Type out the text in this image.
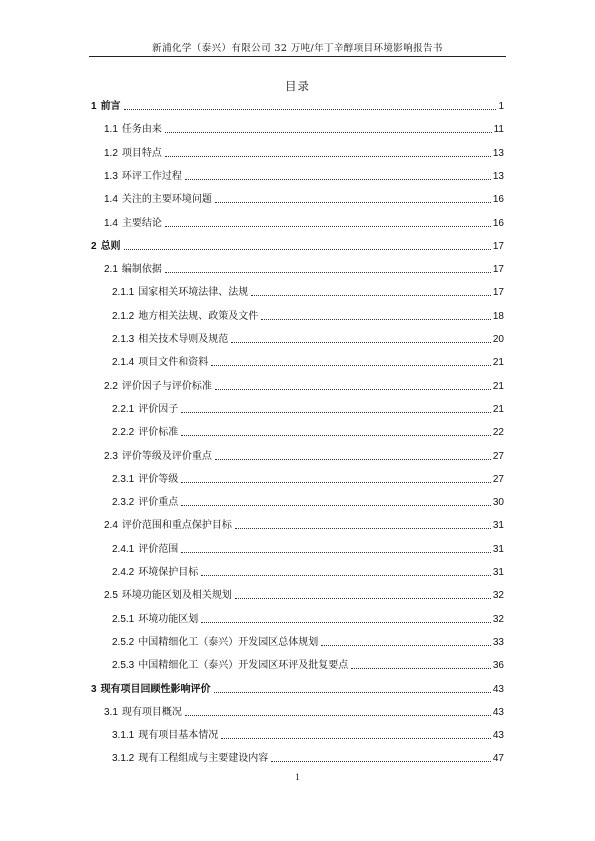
新浦化学（泰兴）有限公司 32 万吨/年丁辛醇项目环境影响报告书
目录
1 前言	1
1.1 任务由来	11
1.2 项目特点	13
1.3 环评工作过程	13
1.4 关注的主要环境问题	16
1.4 主要结论	16
2 总则	17
2.1 编制依据	17
2.1.1 国家相关环境法律、法规	17
2.1.2 地方相关法规、政策及文件	18
2.1.3 相关技术导则及规范	20
2.1.4 项目文件和资料	21
2.2 评价因子与评价标准	21
2.2.1 评价因子	21
2.2.2 评价标准	22
2.3 评价等级及评价重点	27
2.3.1 评价等级	27
2.3.2 评价重点	30
2.4 评价范围和重点保护目标	31
2.4.1 评价范围	31
2.4.2 环境保护目标	31
2.5 环境功能区划及相关规划	32
2.5.1 环境功能区划	32
2.5.2 中国精细化工（泰兴）开发园区总体规划	33
2.5.3 中国精细化工（泰兴）开发园区环评及批复要点	36
3 现有项目回顾性影响评价	43
3.1 现有项目概况	43
3.1.1 现有项目基本情况	43
3.1.2 现有工程组成与主要建设内容	47
1
